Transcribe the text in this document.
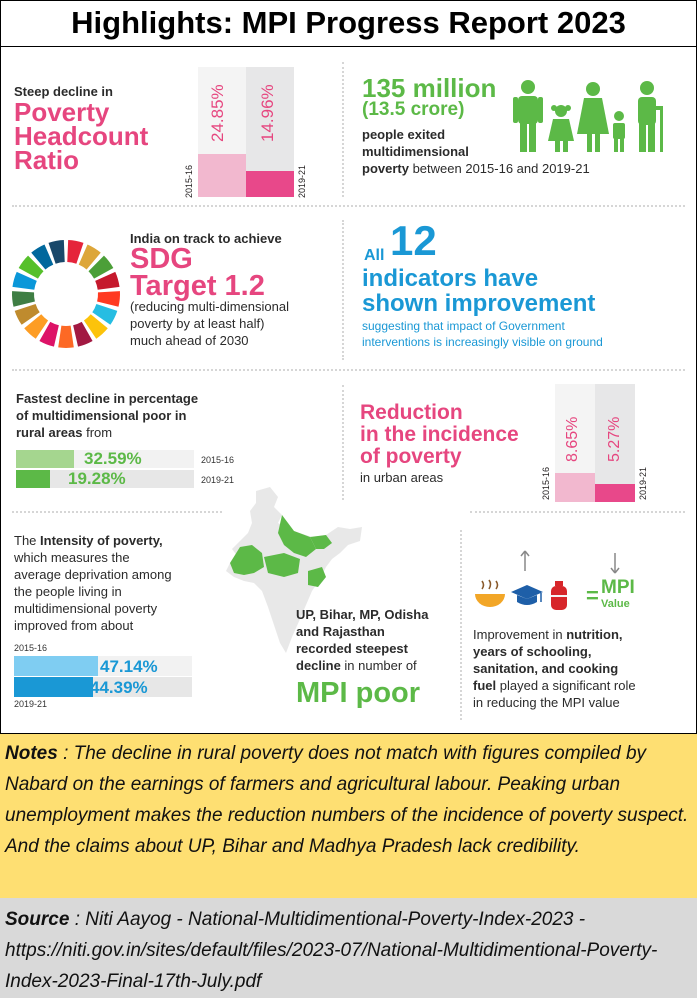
Highlights: MPI Progress Report 2023
Steep decline in
Poverty
Headcount
Ratio
24.85% 14.96%
2015-16	2019-21
135 million
(13.5 crore)
people exited
multidimensional
poverty between 2015-16 and 2019-21
India on track to achieve
SDG
Target 1.2
(reducing multi-dimensional
poverty by at least half)
much ahead of 2030
All 12
indicators have
shown improvement
suggesting that impact of Government
interventions is increasingly visible on ground
Fastest decline in percentage
of multidimensional poor in
rural areas from
32.59%
19.28%
2015-16
2019-21
Reduction
in the incidence
of poverty
in urban areas
8.65% 5.27%
2015-16	2019-21
The Intensity of poverty,
which measures the
average deprivation among
the people living in
multidimensional poverty
improved from about
2015-16
47.14%
44.39%
2019-21
UP, Bihar, MP, Odisha
and Rajasthan
recorded steepest
decline in number of
MPI poor
= MPI
Value
Improvement in nutrition,
years of schooling,
sanitation, and cooking
fuel played a significant role
in reducing the MPI value

Notes : The decline in rural poverty does not match with figures compiled by Nabard on the earnings of farmers and agricultural labour. Peaking urban unemployment makes the reduction numbers of the incidence of poverty suspect. And the claims about UP, Bihar and Madhya Pradesh lack credibility.

Source : Niti Aayog - National-Multidimentional-Poverty-Index-2023 - https://niti.gov.in/sites/default/files/2023-07/National-Multidimentional-Poverty-Index-2023-Final-17th-July.pdf
